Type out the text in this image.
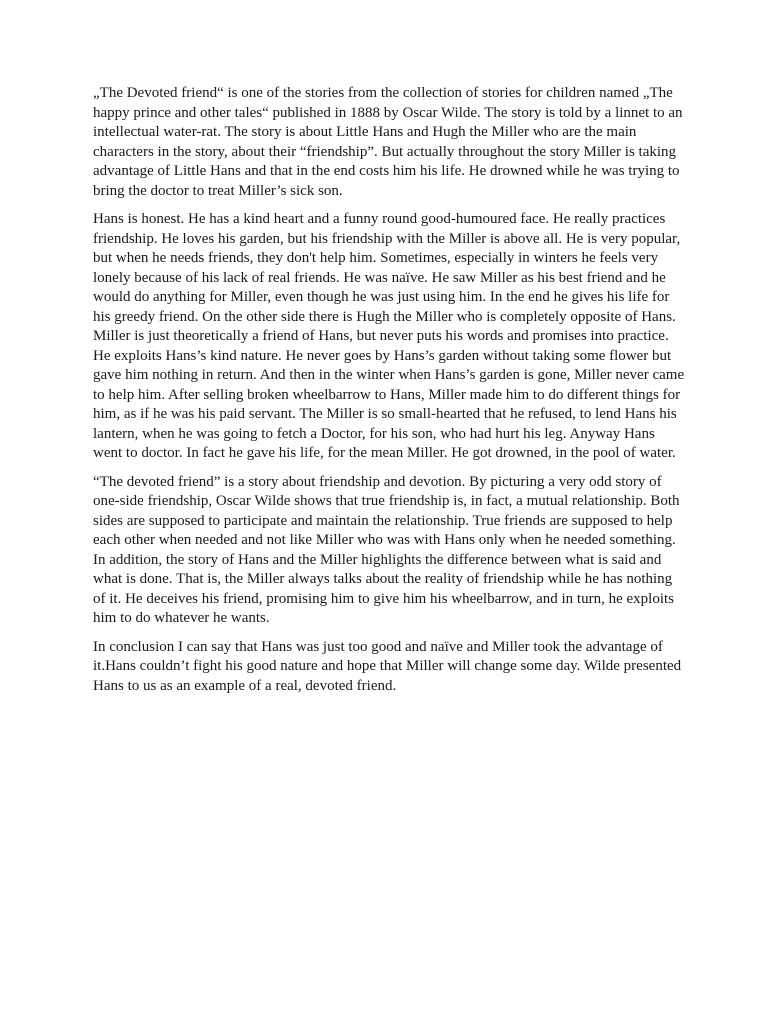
„The Devoted friend“ is one of the stories from the collection of stories for children named „The happy prince and other tales“ published in 1888 by Oscar Wilde. The story is told by a linnet to an intellectual water-rat. The story is about Little Hans and Hugh the Miller who are the main characters in the story, about their “friendship”. But actually throughout the story Miller is taking advantage of Little Hans and that in the end costs him his life. He drowned while he was trying to bring the doctor to treat Miller’s sick son.

Hans is honest. He has a kind heart and a funny round good-humoured face. He really practices friendship. He loves his garden, but his friendship with the Miller is above all. He is very popular, but when he needs friends, they don't help him. Sometimes, especially in winters he feels very lonely because of his lack of real friends. He was naïve. He saw Miller as his best friend and he would do anything for Miller, even though he was just using him. In the end he gives his life for his greedy friend. On the other side there is Hugh the Miller who is completely opposite of Hans. Miller is just theoretically a friend of Hans, but never puts his words and promises into practice. He exploits Hans’s kind nature. He never goes by Hans’s garden without taking some flower but gave him nothing in return. And then in the winter when Hans’s garden is gone, Miller never came to help him. After selling broken wheelbarrow to Hans, Miller made him to do different things for him, as if he was his paid servant. The Miller is so small-hearted that he refused, to lend Hans his lantern, when he was going to fetch a Doctor, for his son, who had hurt his leg. Anyway Hans went to doctor. In fact he gave his life, for the mean Miller. He got drowned, in the pool of water.

“The devoted friend” is a story about friendship and devotion. By picturing a very odd story of one-side friendship, Oscar Wilde shows that true friendship is, in fact, a mutual relationship. Both sides are supposed to participate and maintain the relationship. True friends are supposed to help each other when needed and not like Miller who was with Hans only when he needed something. In addition, the story of Hans and the Miller highlights the difference between what is said and what is done. That is, the Miller always talks about the reality of friendship while he has nothing of it. He deceives his friend, promising him to give him his wheelbarrow, and in turn, he exploits him to do whatever he wants.

In conclusion I can say that Hans was just too good and naïve and Miller took the advantage of it.Hans couldn’t fight his good nature and hope that Miller will change some day. Wilde presented Hans to us as an example of a real, devoted friend.
